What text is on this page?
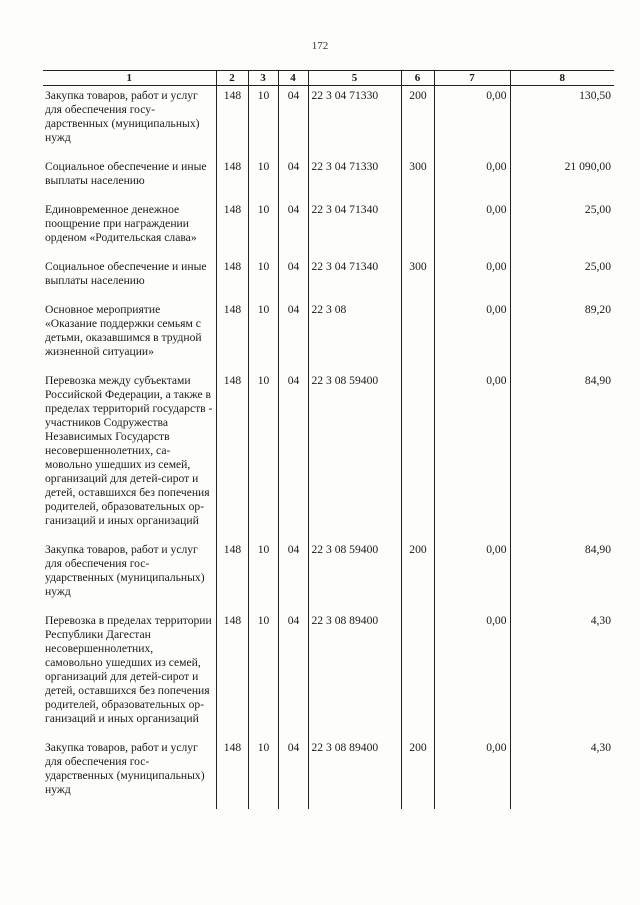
172
1	2	3	4	5	6	7	8
Закупка товаров, работ и услуг для обеспечения государственных (муниципальных) нужд	148	10	04	22 3 04 71330	200	0,00	130,50
Социальное обеспечение и иные выплаты населению	148	10	04	22 3 04 71330	300	0,00	21 090,00
Единовременное денежное поощрение при награждении орденом «Родительская слава»	148	10	04	22 3 04 71340		0,00	25,00
Социальное обеспечение и иные выплаты населению	148	10	04	22 3 04 71340	300	0,00	25,00
Основное мероприятие «Оказание поддержки семьям с детьми, оказавшимся в трудной жизненной ситуации»	148	10	04	22 3 08		0,00	89,20
Перевозка между субъектами Российской Федерации, а также в пределах территорий государств - участников Содружества Независимых Государств несовершеннолетних, самовольно ушедших из семей, организаций для детей-сирот и детей, оставшихся без попечения родителей, образовательных организаций и иных организаций	148	10	04	22 3 08 59400		0,00	84,90
Закупка товаров, работ и услуг для обеспечения государственных (муниципальных) нужд	148	10	04	22 3 08 59400	200	0,00	84,90
Перевозка в пределах территории Республики Дагестан несовершеннолетних, самовольно ушедших из семей, организаций для детей-сирот и детей, оставшихся без попечения родителей, образовательных организаций и иных организаций	148	10	04	22 3 08 89400		0,00	4,30
Закупка товаров, работ и услуг для обеспечения государственных (муниципальных) нужд	148	10	04	22 3 08 89400	200	0,00	4,30
